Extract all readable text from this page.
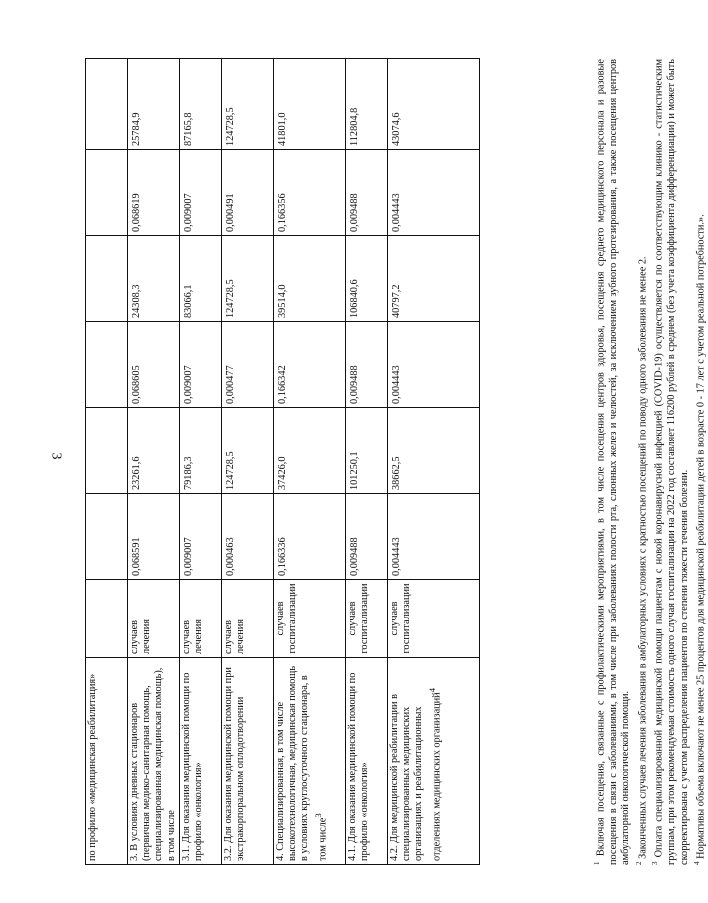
3
по профилю «медицинская реабилитация»							
3. В условиях дневных стационаров (первичная медико-санитарная помощь, специализированная медицинская помощь), в том числе	случаев лечения	0,068591	23261,6	0,068605	24308,3	0,068619	25784,9
3.1. Для оказания медицинской помощи по профилю «онкология»	случаев лечения	0,009007	79186,3	0,009007	83066,1	0,009007	87165,8
3.2. Для оказания медицинской помощи при экстракорпоральном оплодотворении	случаев лечения	0,000463	124728,5	0,000477	124728,5	0,000491	124728,5
4. Специализированная, в том числе высокотехнологичная, медицинская помощь в условиях круглосуточного стационара, в том числе$^3$	случаев госпитализации	0,166336	37426,0	0,166342	39514,0	0,166356	41801,0
4.1. Для оказания медицинской помощи по профилю «онкология»	случаев госпитализации	0,009488	101250,1	0,009488	106840,6	0,009488	112804,8
4.2. Для медицинской реабилитации в специализированных медицинских организациях и реабилитационных отделениях медицинских организаций$^4$	случаев госпитализации	0,004443	38662,5	0,004443	40797,2	0,004443	43074,6

$^1$ Включая посещения, связанные с профилактическими мероприятиями, в том числе посещения центров здоровья, посещения среднего медицинского персонала и разовые посещения в связи с заболеваниями, в том числе при заболеваниях полости рта, слюнных желез и челюстей, за исключением зубного протезирования, а также посещения центров амбулаторной онкологической помощи. $^2$ Законченных случаев лечения заболевания в амбулаторных условиях с кратностью посещений по поводу одного заболевания не менее 2.

$^3$ Оплата специализированной медицинской помощи пациентам с новой коронавирусной инфекцией (COVID-19) осуществляется по соответствующим клинико - статистическим группам, при этом рекомендуемая стоимость одного случая госпитализации на 2022 год составляет 116200 рублей в среднем (без учета коэффициента дифференциации) и может быть скорректирована с учетом распределения пациентов по степени тяжести течения болезни. $^4$ Нормативы объема включают не менее 25 процентов для медицинской реабилитации детей в возрасте 0 - 17 лет с учетом реальной потребности.».
